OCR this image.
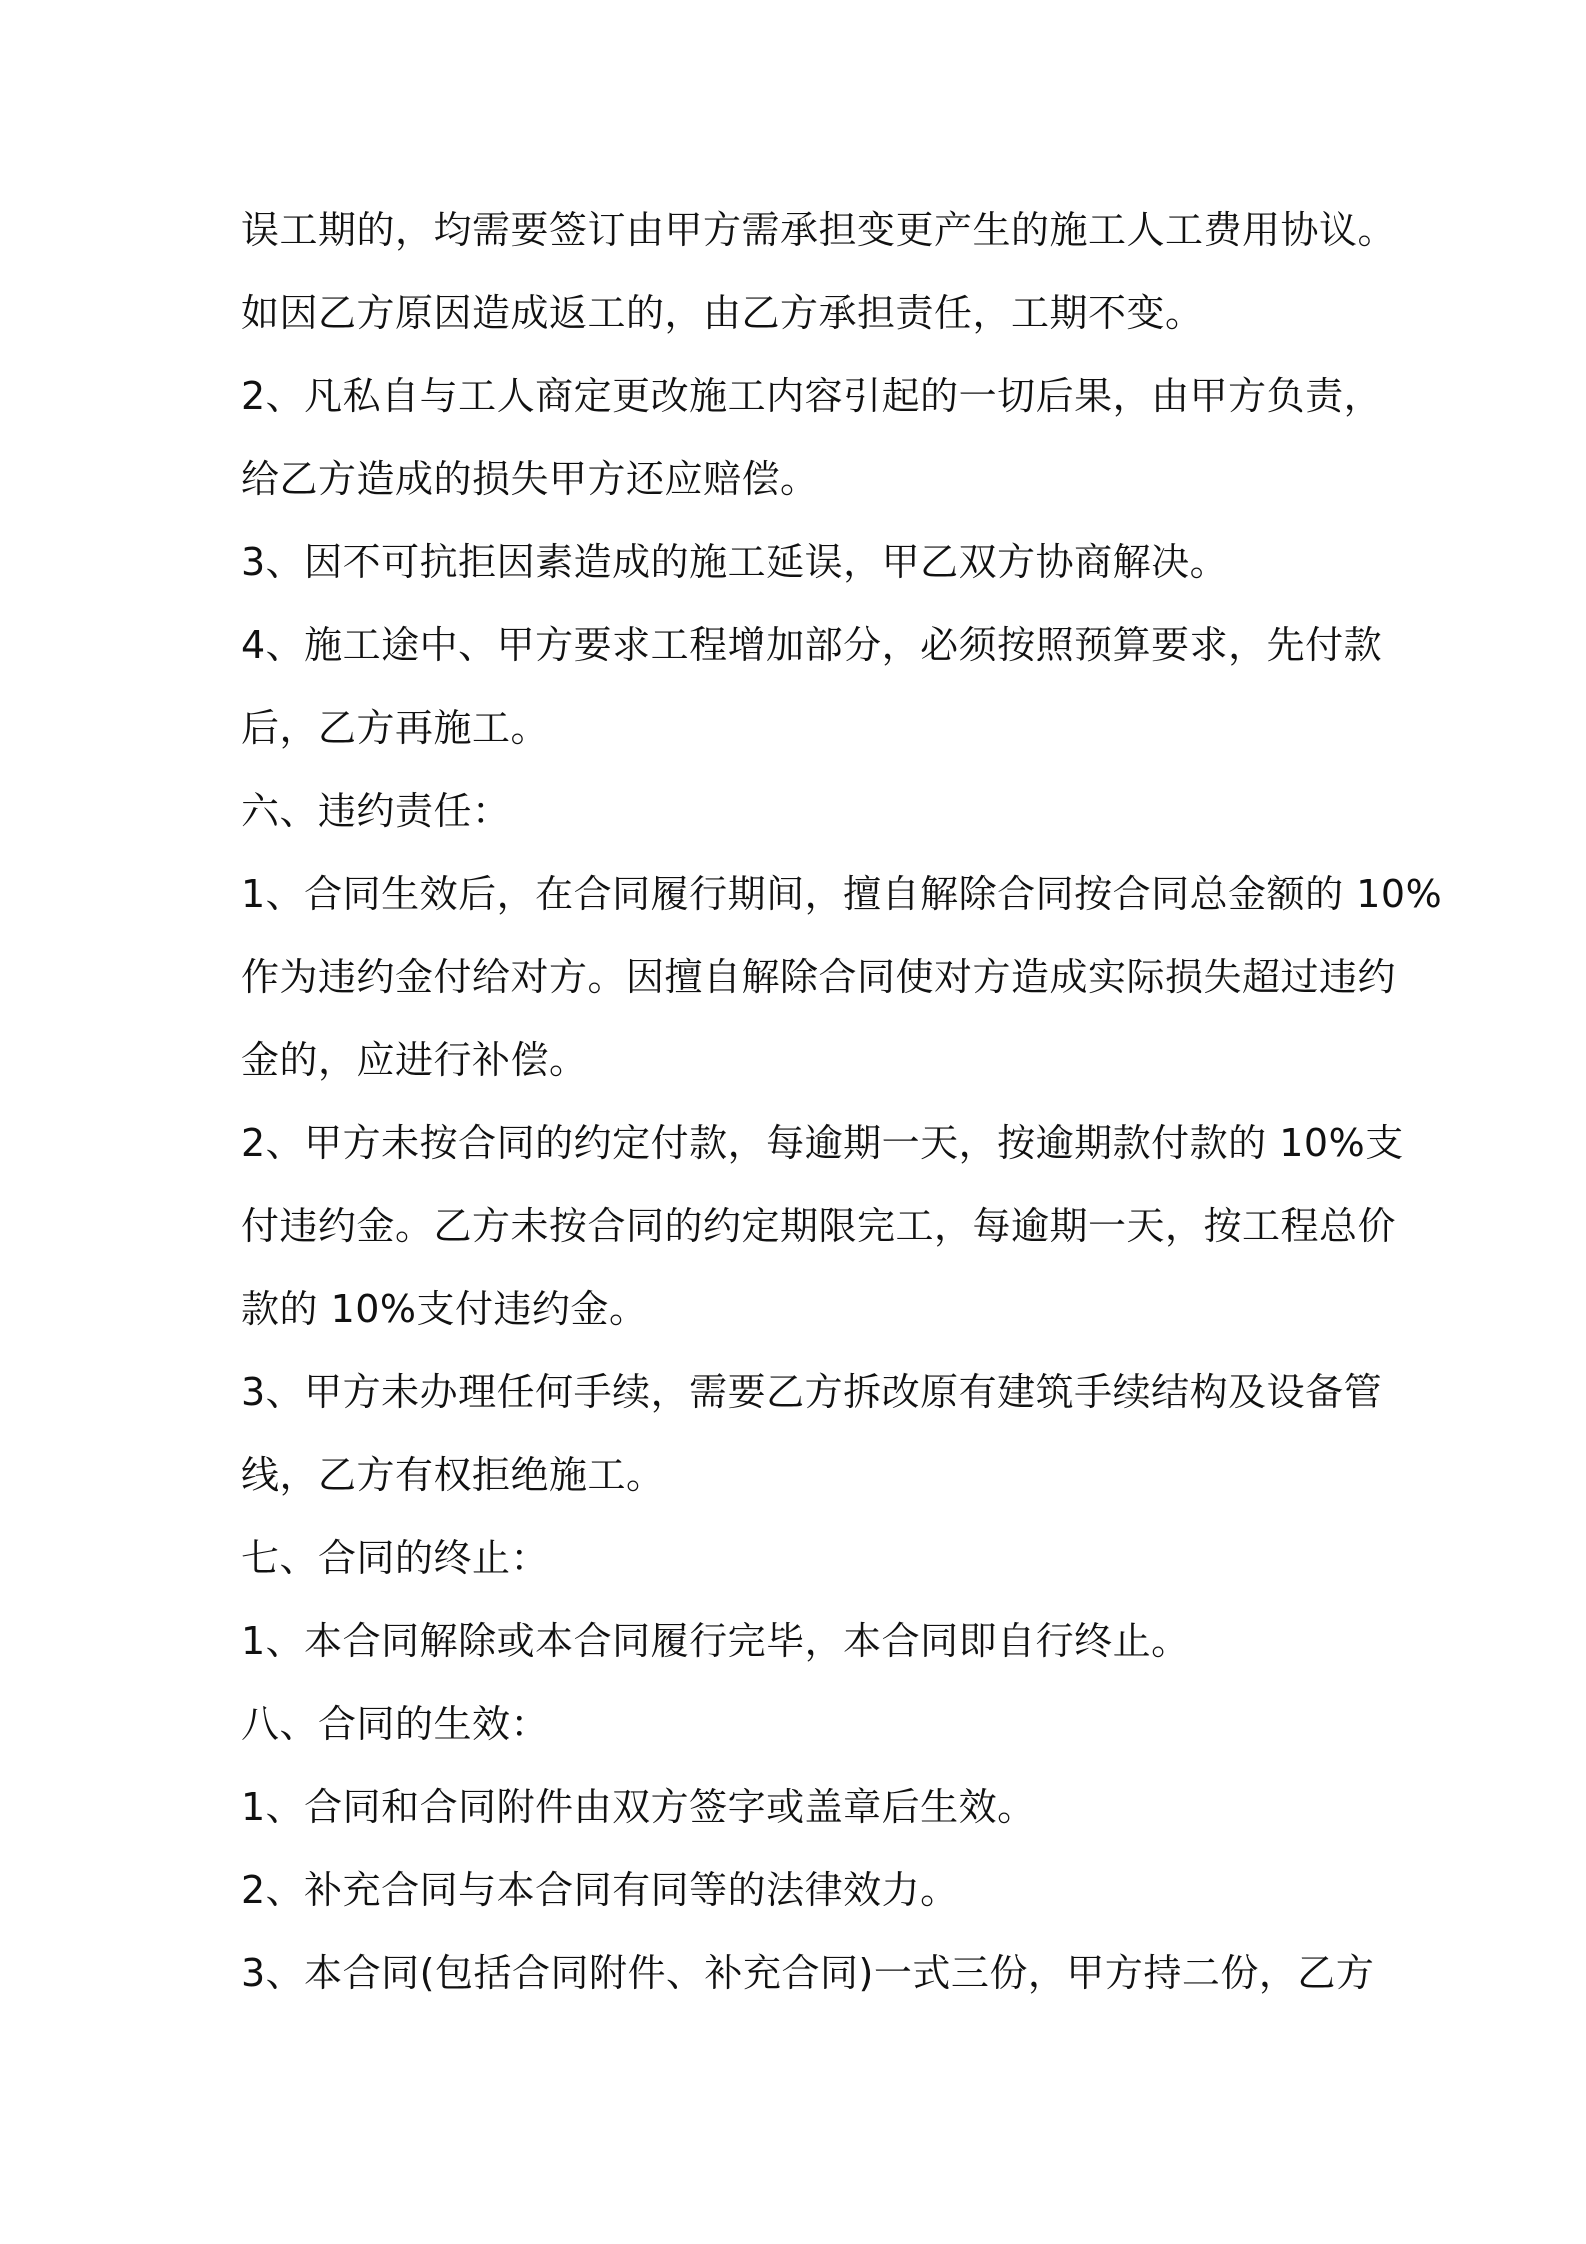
误工期的，均需要签订由甲方需承担变更产生的施工人工费用协议。
如因乙方原因造成返工的，由乙方承担责任，工期不变。
2、凡私自与工人商定更改施工内容引起的一切后果，由甲方负责，
给乙方造成的损失甲方还应赔偿。
3、因不可抗拒因素造成的施工延误，甲乙双方协商解决。
4、施工途中、甲方要求工程增加部分，必须按照预算要求，先付款
后，乙方再施工。
六、违约责任：
1、合同生效后，在合同履行期间，擅自解除合同按合同总金额的 10%
作为违约金付给对方。因擅自解除合同使对方造成实际损失超过违约
金的，应进行补偿。
2、甲方未按合同的约定付款，每逾期一天，按逾期款付款的 10%支
付违约金。乙方未按合同的约定期限完工，每逾期一天，按工程总价
款的 10%支付违约金。
3、甲方未办理任何手续，需要乙方拆改原有建筑手续结构及设备管
线，乙方有权拒绝施工。
七、合同的终止：
1、本合同解除或本合同履行完毕，本合同即自行终止。
八、合同的生效：
1、合同和合同附件由双方签字或盖章后生效。
2、补充合同与本合同有同等的法律效力。
3、本合同(包括合同附件、补充合同)一式三份，甲方持二份，乙方
